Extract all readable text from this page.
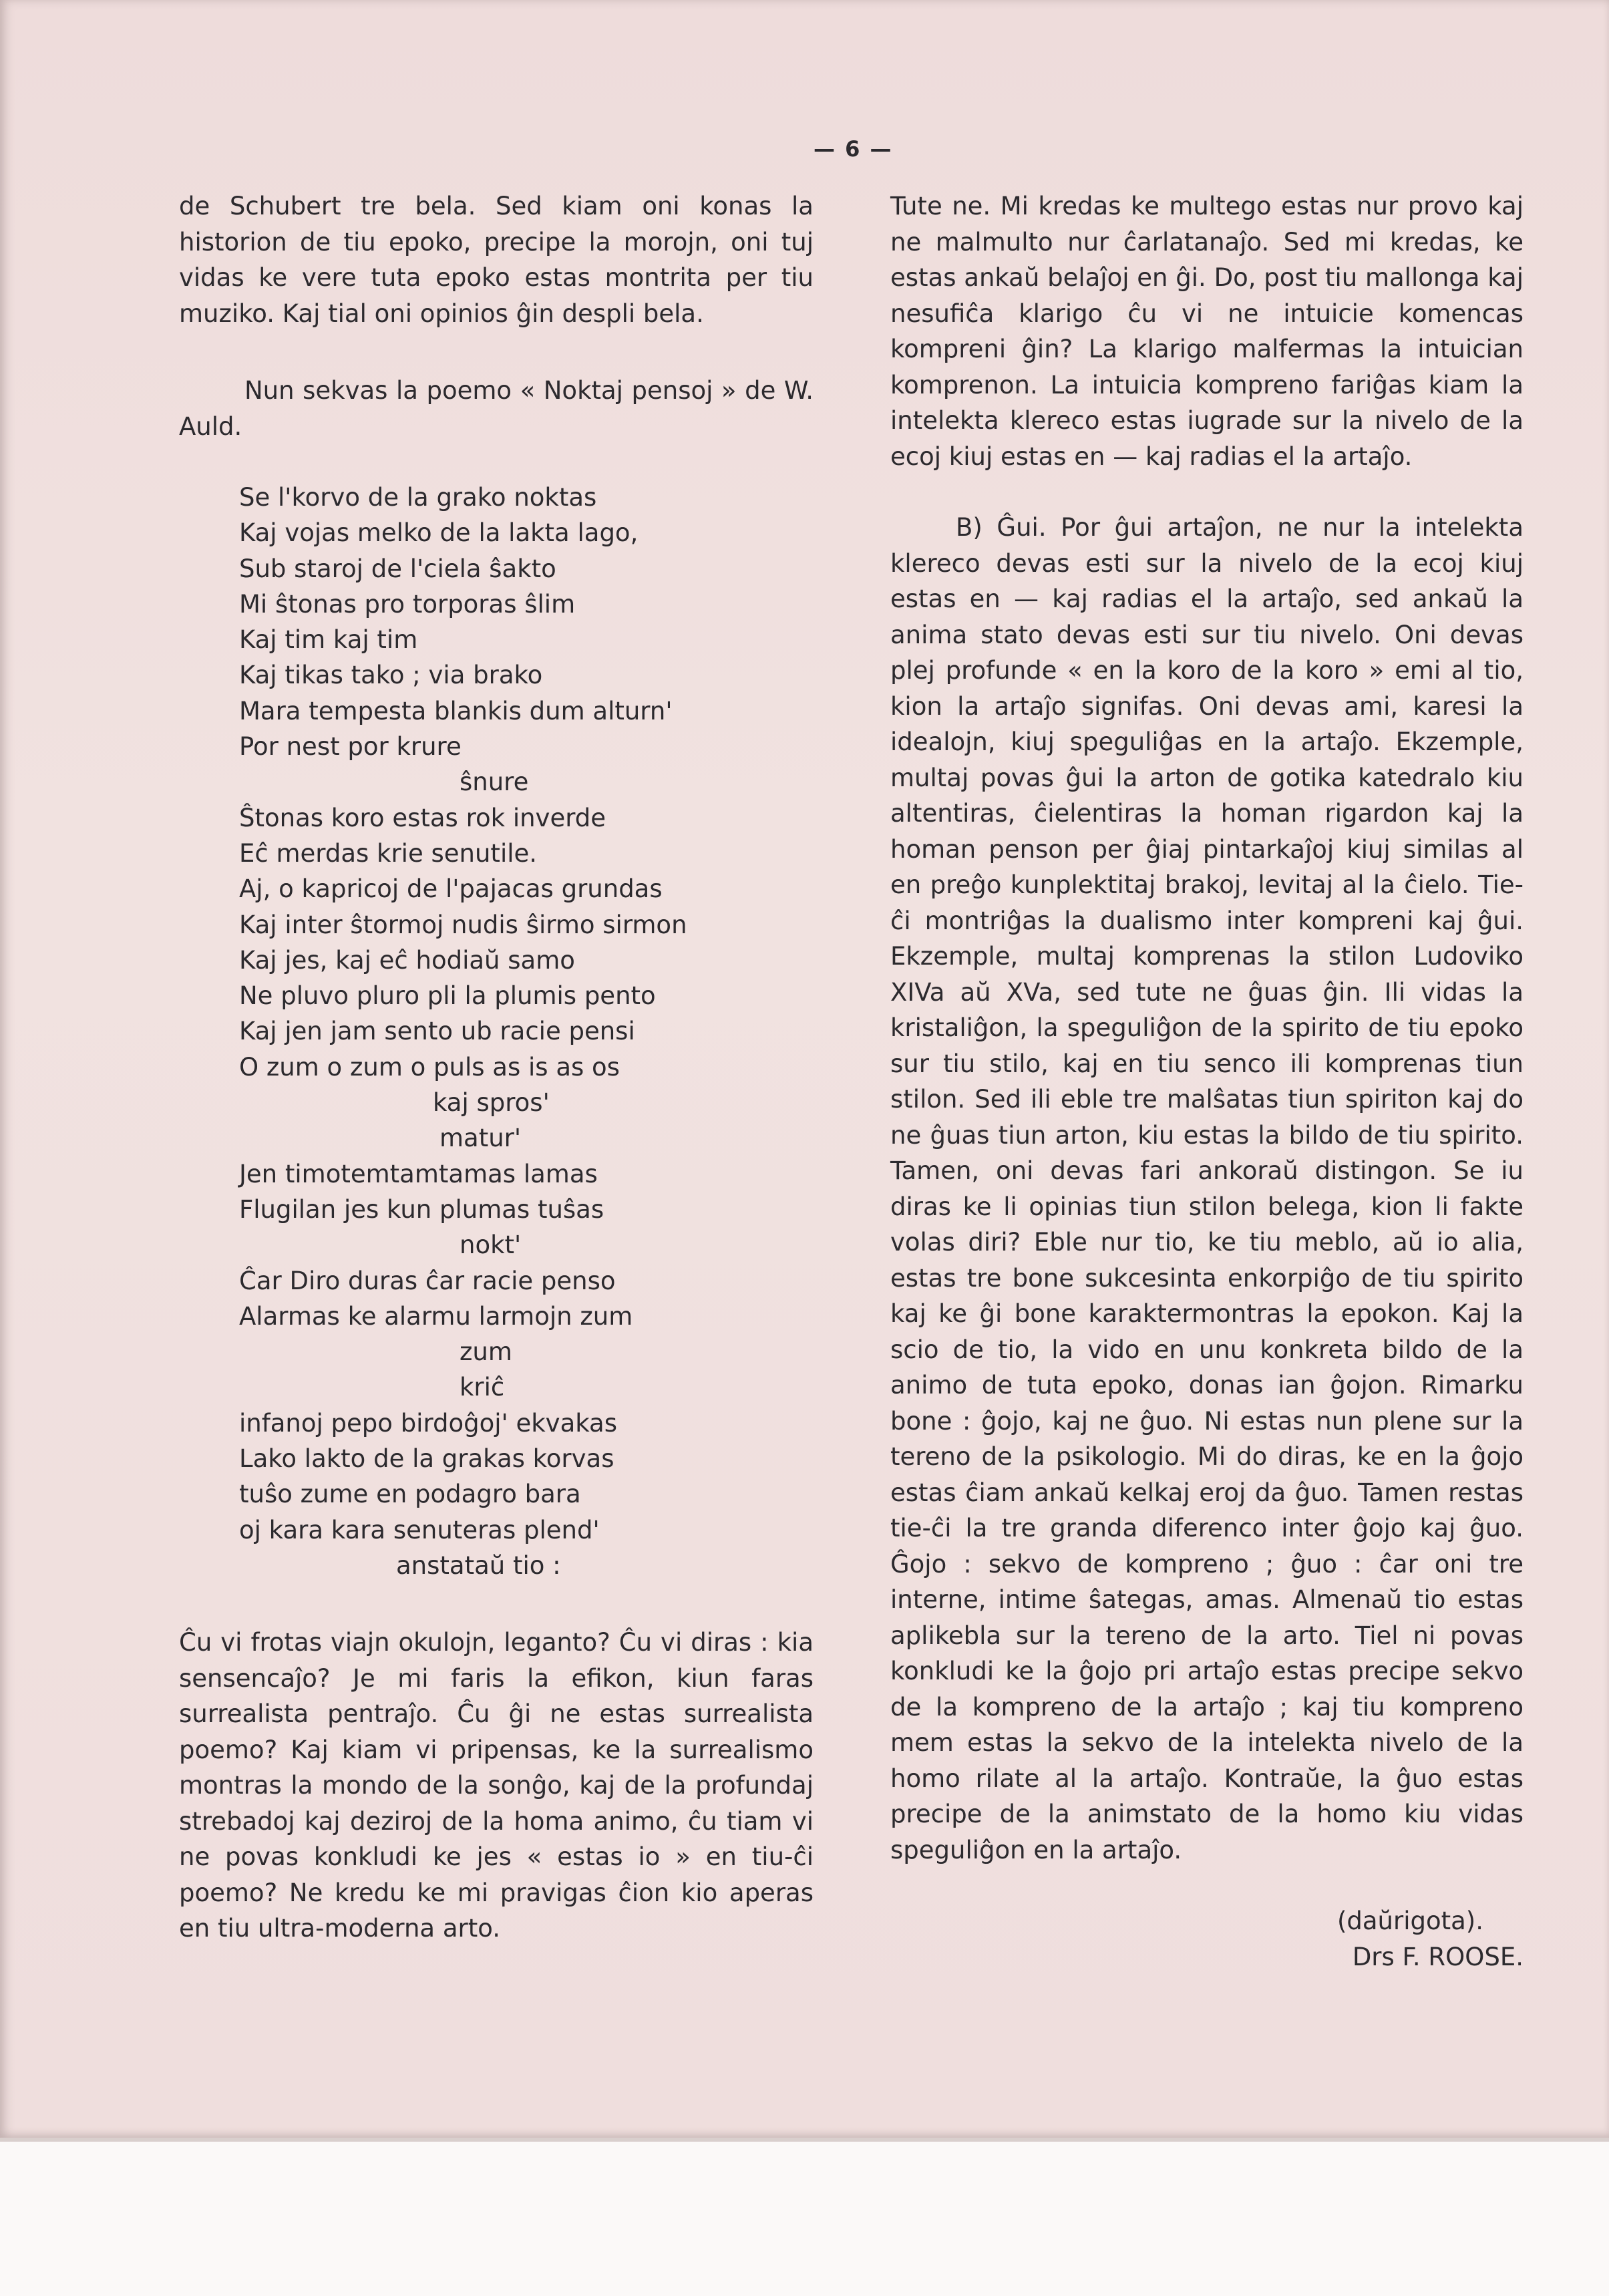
— 6 —

de Schubert tre bela. Sed kiam oni konas la historion de tiu epoko, precipe la morojn, oni tuj vidas ke vere tuta epoko estas montrita per tiu muziko. Kaj tial oni opinios ĝin despli bela.

Nun sekvas la poemo « Noktaj pensoj » de W. Auld.

Se l'korvo de la grako noktas
Kaj vojas melko de la lakta lago,
Sub staroj de l'ciela ŝakto
Mi ŝtonas pro torporas ŝlim
Kaj tim kaj tim
Kaj tikas tako ; via brako
Mara tempesta blankis dum alturn'
Por nest por krure
ŝnure
Ŝtonas koro estas rok inverde
Eĉ merdas krie senutile.
Aj, o kapricoj de l'pajacas grundas
Kaj inter ŝtormoj nudis ŝirmo sirmon
Kaj jes, kaj eĉ hodiaŭ samo
Ne pluvo pluro pli la plumis pento
Kaj jen jam sento ub racie pensi
O zum o zum o puls as is as os
kaj spros'
matur'
Jen timotemtamtamas lamas
Flugilan jes kun plumas tuŝas
nokt'
Ĉar Diro duras ĉar racie penso
Alarmas ke alarmu larmojn zum
zum
kriĉ
infanoj pepo birdoĝoj' ekvakas
Lako lakto de la grakas korvas
tuŝo zume en podagro bara
oj kara kara senuteras plend'
anstataŭ tio :

Ĉu vi frotas viajn okulojn, leganto? Ĉu vi diras : kia sensencaĵo? Je mi faris la efikon, kiun faras surrealista pentraĵo. Ĉu ĝi ne estas surrealista poemo? Kaj kiam vi pripensas, ke la surrealismo montras la mondo de la sonĝo, kaj de la profundaj strebadoj kaj deziroj de la homa animo, ĉu tiam vi ne povas konkludi ke jes « estas io » en tiu-ĉi poemo? Ne kredu ke mi pravigas ĉion kio aperas en tiu ultra-moderna arto.

Tute ne. Mi kredas ke multego estas nur provo kaj ne malmulto nur ĉarlatanaĵo. Sed mi kredas, ke estas ankaŭ belaĵoj en ĝi. Do, post tiu mallonga kaj nesufiĉa klarigo ĉu vi ne intuicie komencas kompreni ĝin? La klarigo malfermas la intuician komprenon. La intuicia kompreno fariĝas kiam la intelekta klereco estas iugrade sur la nivelo de la ecoj kiuj estas en — kaj radias el la artaĵo.

B) Ĝui. Por ĝui artaĵon, ne nur la intelekta klereco devas esti sur la nivelo de la ecoj kiuj estas en — kaj radias el la artaĵo, sed ankaŭ la anima stato devas esti sur tiu nivelo. Oni devas plej profunde « en la koro de la koro » emi al tio, kion la artaĵo signifas. Oni devas ami, karesi la idealojn, kiuj speguliĝas en la artaĵo. Ekzemple, multaj povas ĝui la arton de gotika katedralo kiu altentiras, ĉielentiras la homan rigardon kaj la homan penson per ĝiaj pintarkaĵoj kiuj similas al en preĝo kunplektitaj brakoj, levitaj al la ĉielo. Tie-ĉi montriĝas la dualismo inter kompreni kaj ĝui. Ekzemple, multaj komprenas la stilon Ludoviko XIVa aŭ XVa, sed tute ne ĝuas ĝin. Ili vidas la kristaliĝon, la speguliĝon de la spirito de tiu epoko sur tiu stilo, kaj en tiu senco ili komprenas tiun stilon. Sed ili eble tre malŝatas tiun spiriton kaj do ne ĝuas tiun arton, kiu estas la bildo de tiu spirito. Tamen, oni devas fari ankoraŭ distingon. Se iu diras ke li opinias tiun stilon belega, kion li fakte volas diri? Eble nur tio, ke tiu meblo, aŭ io alia, estas tre bone sukcesinta enkorpiĝo de tiu spirito kaj ke ĝi bone karaktermontras la epokon. Kaj la scio de tio, la vido en unu konkreta bildo de la animo de tuta epoko, donas ian ĝojon. Rimarku bone : ĝojo, kaj ne ĝuo. Ni estas nun plene sur la tereno de la psikologio. Mi do diras, ke en la ĝojo estas ĉiam ankaŭ kelkaj eroj da ĝuo. Tamen restas tie-ĉi la tre granda diferenco inter ĝojo kaj ĝuo. Ĝojo : sekvo de kompreno ; ĝuo : ĉar oni tre interne, intime ŝategas, amas. Almenaŭ tio estas aplikebla sur la tereno de la arto. Tiel ni povas konkludi ke la ĝojo pri artaĵo estas precipe sekvo de la kompreno de la artaĵo ; kaj tiu kompreno mem estas la sekvo de la intelekta nivelo de la homo rilate al la artaĵo. Kontraŭe, la ĝuo estas precipe de la animstato de la homo kiu vidas speguliĝon en la artaĵo.

(daŭrigota).
Drs F. ROOSE.
